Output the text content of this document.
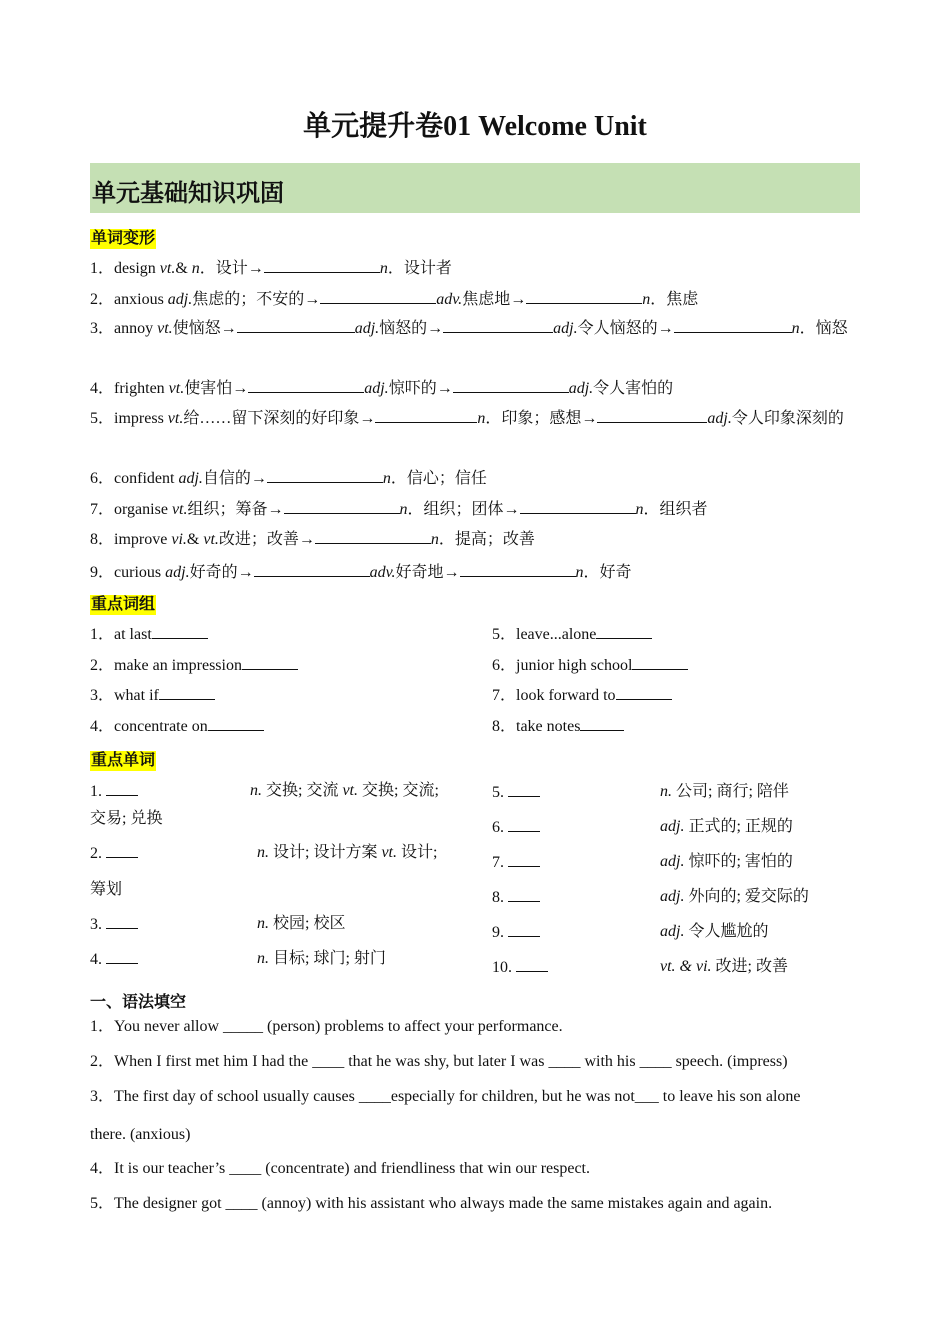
单元提升卷01 Welcome Unit
单元基础知识巩固
单词变形
1．design vt.& n．设计→	n．设计者
2．anxious adj.焦虑的；不安的→	adv.焦虑地→	n．焦虑
3．annoy vt.使恼怒→	adj.恼怒的→	adj.令人恼怒的→	n．恼怒
4．frighten vt.使害怕→	adj.惊吓的→	adj.令人害怕的
5．impress vt.给……留下深刻的好印象→	n．印象；感想→	adj.令人印象深刻的
6．confident adj.自信的→	n．信心；信任
7．organise vt.组织；筹备→	n．组织；团体→	n．组织者
8．improve vi.& vt.改进；改善→	n．提高；改善
9．curious adj.好奇的→	adv.好奇地→	n．好奇
重点词组
1．at last
2．make an impression
3．what if
4．concentrate on
5．leave...alone
6．junior high school
7．look forward to
8．take notes
重点单词
1.	n. 交换; 交流 vt. 交换; 交流;
交易; 兑换
2.	n. 设计; 设计方案 vt. 设计;
筹划
3.	n. 校园; 校区
4.	n. 目标; 球门; 射门
5.	n. 公司; 商行; 陪伴
6.	adj. 正式的; 正规的
7.	adj. 惊吓的; 害怕的
8.	adj. 外向的; 爱交际的
9.	adj. 令人尴尬的
10.	vt. & vi. 改进; 改善
一、语法填空
1．You never allow _____ (person) problems to affect your performance.
2．When I first met him I had the ____ that he was shy, but later I was ____ with his ____ speech. (impress)
3．The first day of school usually causes ____especially for children, but he was not___ to leave his son alone
there. (anxious)
4．It is our teacher’s ____ (concentrate) and friendliness that win our respect.
5．The designer got ____ (annoy) with his assistant who always made the same mistakes again and again.
